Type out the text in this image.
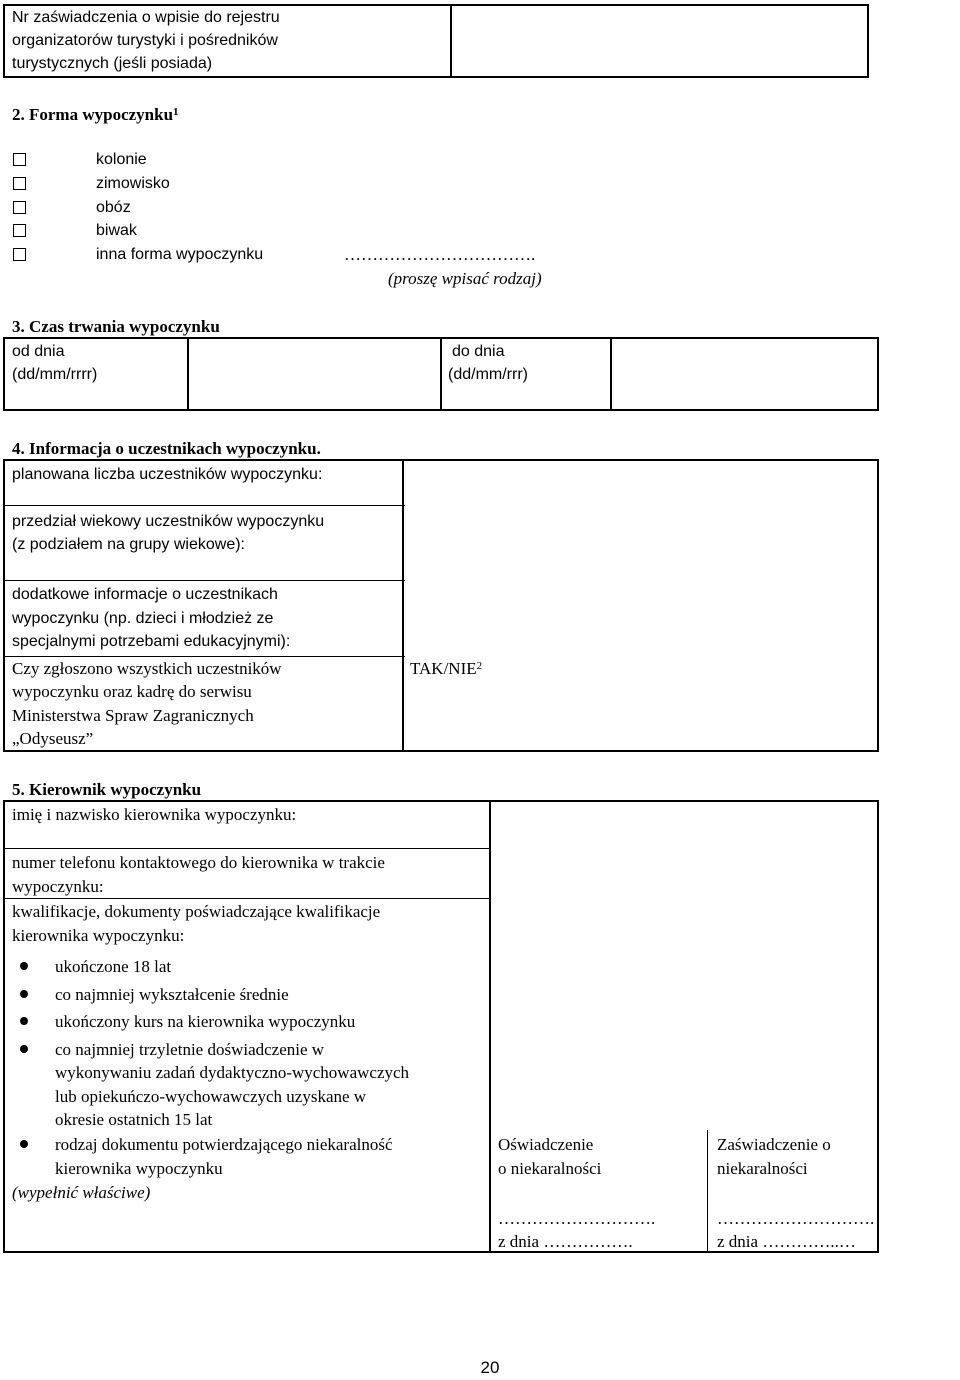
Nr zaświadczenia o wpisie do rejestru
organizatorów turystyki i pośredników
turystycznych (jeśli posiada)
2. Forma wypoczynku$^1$
kolonie
zimowisko
obóz
biwak
inna forma wypoczynku	…………………………….
(proszę wpisać rodzaj)
3. Czas trwania wypoczynku
od dnia
(dd/mm/rrrr)
do dnia
(dd/mm/rrr)
4. Informacja o uczestnikach wypoczynku.
planowana liczba uczestników wypoczynku:
przedział wiekowy uczestników wypoczynku
(z podziałem na grupy wiekowe):
dodatkowe informacje o uczestnikach
wypoczynku (np. dzieci i młodzież ze
specjalnymi potrzebami edukacyjnymi):
Czy zgłoszono wszystkich uczestników
wypoczynku oraz kadrę do serwisu
Ministerstwa Spraw Zagranicznych
„Odyseusz”
TAK/NIE$^2$
5. Kierownik wypoczynku
imię i nazwisko kierownika wypoczynku:
numer telefonu kontaktowego do kierownika w trakcie
wypoczynku:
kwalifikacje, dokumenty poświadczające kwalifikacje
kierownika wypoczynku:
ukończone 18 lat
co najmniej wykształcenie średnie
ukończony kurs na kierownika wypoczynku
co najmniej trzyletnie doświadczenie w
wykonywaniu zadań dydaktyczno-wychowawczych
lub opiekuńczo-wychowawczych uzyskane w
okresie ostatnich 15 lat
rodzaj dokumentu potwierdzającego niekaralność
kierownika wypoczynku
(wypełnić właściwe)
Oświadczenie
o niekaralności
……………………….
z dnia …………….
Zaświadczenie o
niekaralności
……………………….
z dnia …………..…
20
